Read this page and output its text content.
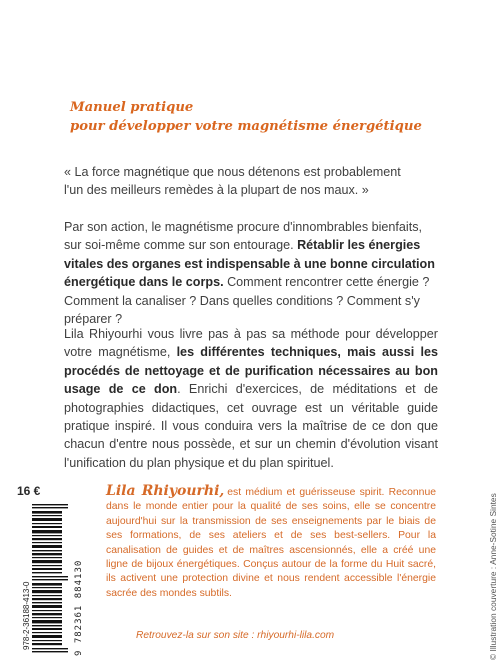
Manuel pratique
pour développer votre magnétisme énergétique
« La force magnétique que nous détenons est probablement
l'un des meilleurs remèdes à la plupart de nos maux. »
Par son action, le magnétisme procure d'innombrables bienfaits,
sur soi-même comme sur son entourage. Rétablir les énergies
vitales des organes est indispensable à une bonne circulation
énergétique dans le corps. Comment rencontrer cette énergie ?
Comment la canaliser ? Dans quelles conditions ? Comment s'y
préparer ?
Lila Rhiyourhi vous livre pas à pas sa méthode pour développer votre magnétisme, les différentes techniques, mais aussi les procédés de nettoyage et de purification nécessaires au bon usage de ce don. Enrichi d'exercices, de méditations et de photographies didactiques, cet ouvrage est un véritable guide pratique inspiré. Il vous conduira vers la maîtrise de ce don que chacun d'entre nous possède, et sur un chemin d'évolution visant l'unification du plan physique et du plan spirituel.
Lila Rhiyourhi, est médium et guérisseuse spirit. Reconnue dans le monde entier pour la qualité de ses soins, elle se concentre aujourd'hui sur la transmission de ses enseignements par le biais de ses formations, de ses ateliers et de ses best-sellers. Pour la canalisation de guides et de maîtres ascensionnés, elle a créé une ligne de bijoux énergétiques. Conçus autour de la forme du Huit sacré, ils activent une protection divine et nous rendent accessible l'énergie sacrée des mondes subtils.
Retrouvez-la sur son site : rhiyourhi-lila.com
16 €
978-2-36188-413-0	9 782361 884130	© Illustration couverture : Anne-Sotine Sintes
